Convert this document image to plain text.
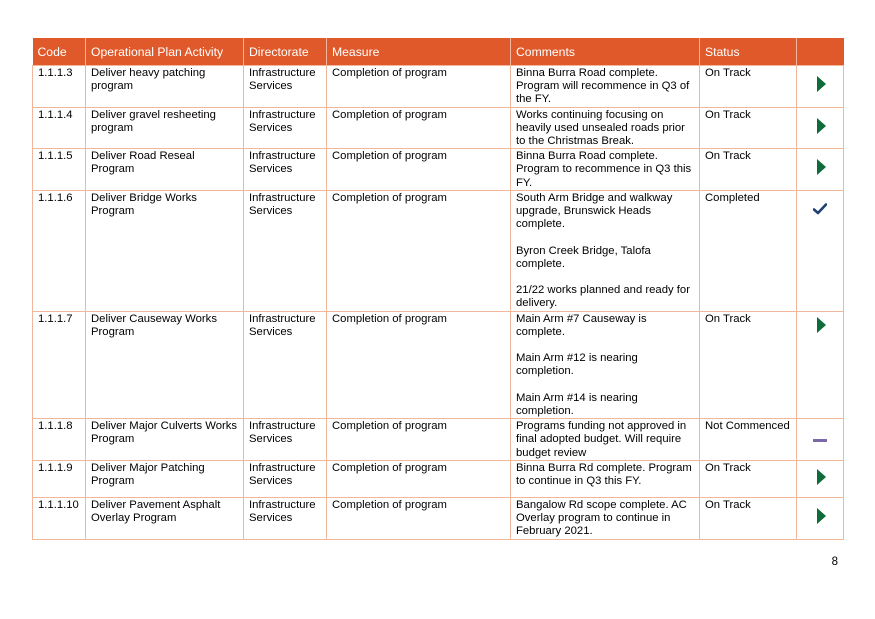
Code	Operational Plan Activity	Directorate	Measure	Comments	Status	
1.1.1.3	Deliver heavy patching program	Infrastructure Services	Completion of program	Binna Burra Road complete. Program will recommence in Q3 of the FY.	On Track	
1.1.1.4	Deliver gravel resheeting program	Infrastructure Services	Completion of program	Works continuing focusing on heavily used unsealed roads prior to the Christmas Break.	On Track	
1.1.1.5	Deliver Road Reseal Program	Infrastructure Services	Completion of program	Binna Burra Road complete. Program to recommence in Q3 this FY.	On Track	
1.1.1.6	Deliver Bridge Works Program	Infrastructure Services	Completion of program	South Arm Bridge and walkway upgrade, Brunswick Heads complete.

Byron Creek Bridge, Talofa complete.

21/22 works planned and ready for delivery.	Completed	

1.1.1.7	Deliver Causeway Works Program	Infrastructure Services	Completion of program	Main Arm #7 Causeway is complete.

Main Arm #12 is nearing completion.

Main Arm #14 is nearing completion.	On Track	
1.1.1.8	Deliver Major Culverts Works Program	Infrastructure Services	Completion of program	Programs funding not approved in final adopted budget. Will require budget review	Not Commenced	
1.1.1.9	Deliver Major Patching Program	Infrastructure Services	Completion of program	Binna Burra Rd complete. Program to continue in Q3 this FY.	On Track	
1.1.1.10	Deliver Pavement Asphalt Overlay Program	Infrastructure Services	Completion of program	Bangalow Rd scope complete. AC Overlay program to continue in February 2021.	On Track	
8
